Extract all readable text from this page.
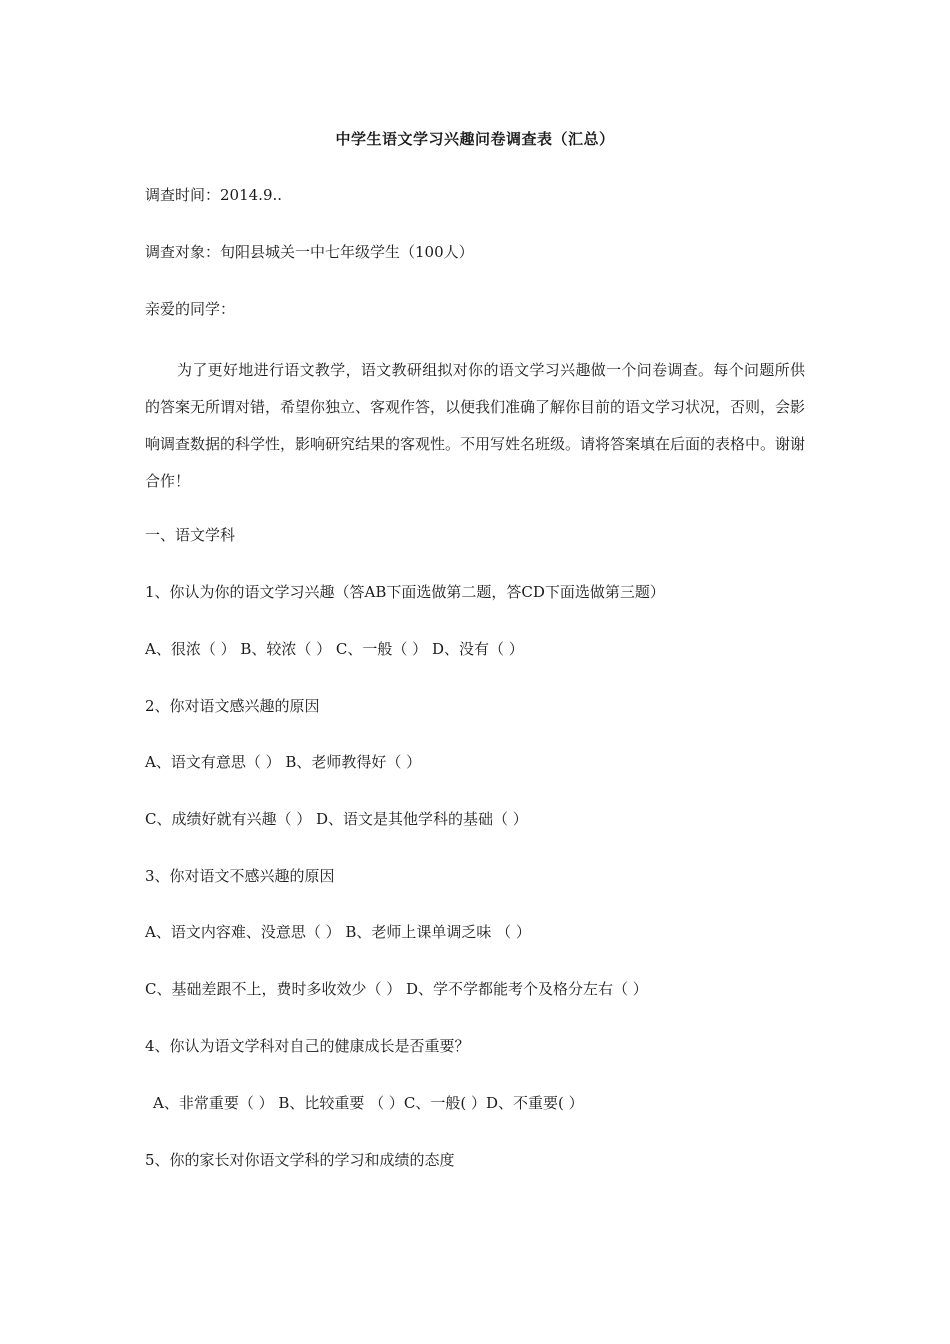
中学生语文学习兴趣问卷调查表（汇总）
调查时间：2014.9..
调查对象：旬阳县城关一中七年级学生（100人）
亲爱的同学：
为了更好地进行语文教学，语文教研组拟对你的语文学习兴趣做一个问卷调查。每个问题所供的答案无所谓对错，希望你独立、客观作答，以便我们准确了解你目前的语文学习状况，否则，会影响调查数据的科学性，影响研究结果的客观性。不用写姓名班级。请将答案填在后面的表格中。谢谢合作！
一、语文学科
1、你认为你的语文学习兴趣（答AB下面选做第二题，答CD下面选做第三题）
A、很浓（ ） B、较浓（ ） C、一般（ ） D、没有（ ）
2、你对语文感兴趣的原因
A、语文有意思（ ） B、老师教得好（ ）
C、成绩好就有兴趣（ ） D、语文是其他学科的基础（ ）
3、你对语文不感兴趣的原因
A、语文内容难、没意思（ ） B、老师上课单调乏味 （ ）
C、基础差跟不上，费时多收效少（ ） D、学不学都能考个及格分左右（ ）
4、你认为语文学科对自己的健康成长是否重要？
A、非常重要（ ） B、比较重要 （ ）C、一般( ）D、不重要( ）
5、你的家长对你语文学科的学习和成绩的态度
